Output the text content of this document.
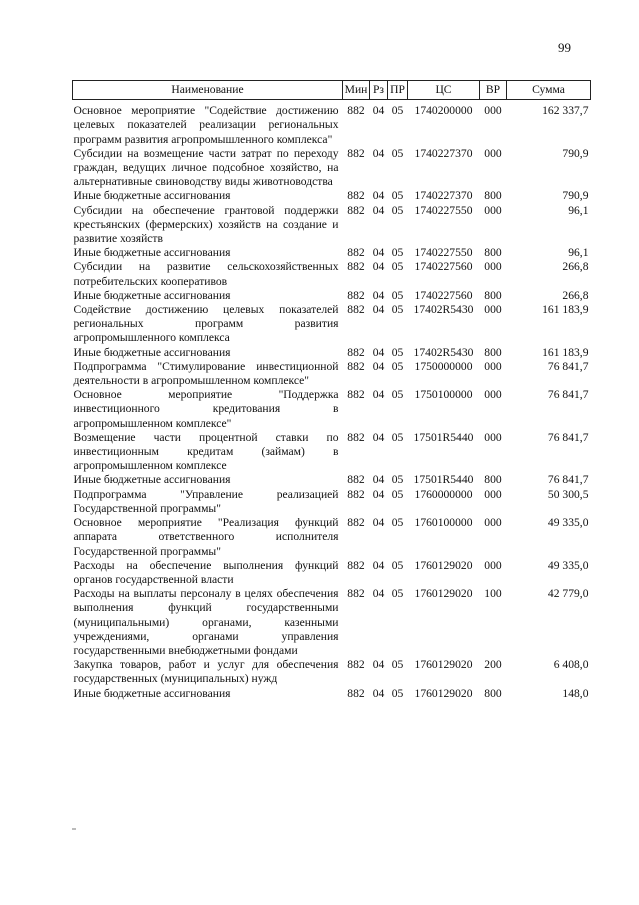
99
Наименование	Мин	Рз	ПР	ЦС	ВР	Сумма
Основное мероприятие "Содействие достижению целевых показателей реализации региональных программ развития агропромышленного комплекса"	882	04	05	1740200000	000	162 337,7
Субсидии на возмещение части затрат по переходу граждан, ведущих личное подсобное хозяйство, на альтернативные свиноводству виды животноводства	882	04	05	1740227370	000	790,9
Иные бюджетные ассигнования	882	04	05	1740227370	800	790,9
Субсидии на обеспечение грантовой поддержки крестьянских (фермерских) хозяйств на создание и развитие хозяйств	882	04	05	1740227550	000	96,1
Иные бюджетные ассигнования	882	04	05	1740227550	800	96,1
Субсидии на развитие сельскохозяйственных потребительских кооперативов	882	04	05	1740227560	000	266,8
Иные бюджетные ассигнования	882	04	05	1740227560	800	266,8
Содействие достижению целевых показателей региональных программ развития агропромышленного комплекса	882	04	05	17402R5430	000	161 183,9
Иные бюджетные ассигнования	882	04	05	17402R5430	800	161 183,9
Подпрограмма "Стимулирование инвестиционной деятельности в агропромышленном комплексе"	882	04	05	1750000000	000	76 841,7
Основное мероприятие "Поддержка инвестиционного кредитования в агропромышленном комплексе"	882	04	05	1750100000	000	76 841,7
Возмещение части процентной ставки по инвестиционным кредитам (займам) в агропромышленном комплексе	882	04	05	17501R5440	000	76 841,7
Иные бюджетные ассигнования	882	04	05	17501R5440	800	76 841,7
Подпрограмма "Управление реализацией Государственной программы"	882	04	05	1760000000	000	50 300,5
Основное мероприятие "Реализация функций аппарата ответственного исполнителя Государственной программы"	882	04	05	1760100000	000	49 335,0
Расходы на обеспечение выполнения функций органов государственной власти	882	04	05	1760129020	000	49 335,0
Расходы на выплаты персоналу в целях обеспечения выполнения функций государственными (муниципальными) органами, казенными учреждениями, органами управления государственными внебюджетными фондами	882	04	05	1760129020	100	42 779,0
Закупка товаров, работ и услуг для обеспечения государственных (муниципальных) нужд	882	04	05	1760129020	200	6 408,0
Иные бюджетные ассигнования	882	04	05	1760129020	800	148,0
